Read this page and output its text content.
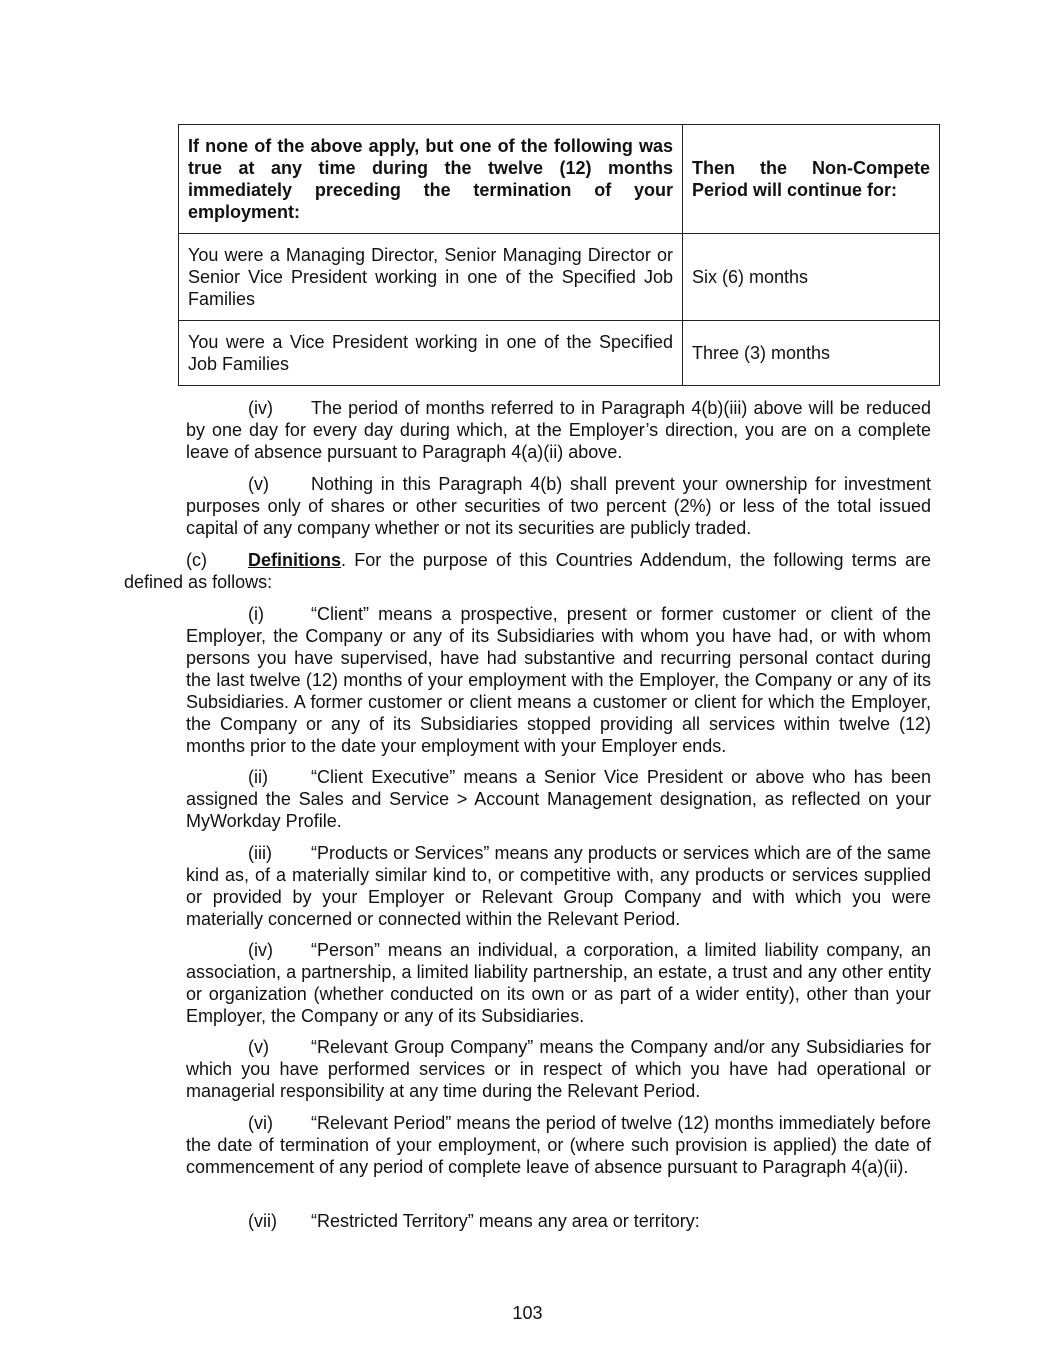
If none of the above apply, but one of the following was true at any time during the twelve (12) months immediately preceding the termination of your employment:	Then the Non-Compete Period will continue for:
You were a Managing Director, Senior Managing Director or Senior Vice President working in one of the Specified Job Families	Six (6) months
You were a Vice President working in one of the Specified Job Families	Three (3) months

(iv) The period of months referred to in Paragraph 4(b)(iii) above will be reduced by one day for every day during which, at the Employer’s direction, you are on a complete leave of absence pursuant to Paragraph 4(a)(ii) above.

(v) Nothing in this Paragraph 4(b) shall prevent your ownership for investment purposes only of shares or other securities of two percent (2%) or less of the total issued capital of any company whether or not its securities are publicly traded.

(c) Definitions. For the purpose of this Countries Addendum, the following terms are defined as follows:

(i)	“Client” means a prospective, present or former customer or client of the Employer, the Company or any of its Subsidiaries with whom you have had, or with whom persons you have supervised, have had substantive and recurring personal contact during the last twelve (12) months of your employment with the Employer, the Company or any of its Subsidiaries. A former customer or client means a customer or client for which the Employer, the Company or any of its Subsidiaries stopped providing all services within twelve (12) months prior to the date your employment with your Employer ends.

(ii) “Client Executive” means a Senior Vice President or above who has been assigned the Sales and Service > Account Management designation, as reflected on your MyWorkday Profile.

(iii) “Products or Services” means any products or services which are of the same kind as, of a materially similar kind to, or competitive with, any products or services supplied or provided by your Employer or Relevant Group Company and with which you were materially concerned or connected within the Relevant Period.

(iv) “Person” means an individual, a corporation, a limited liability company, an association, a partnership, a limited liability partnership, an estate, a trust and any other entity or organization (whether conducted on its own or as part of a wider entity), other than your Employer, the Company or any of its Subsidiaries.

(v) “Relevant Group Company” means the Company and/or any Subsidiaries for which you have performed services or in respect of which you have had operational or managerial responsibility at any time during the Relevant Period.

(vi) “Relevant Period” means the period of twelve (12) months immediately before the date of termination of your employment, or (where such provision is applied) the date of commencement of any period of complete leave of absence pursuant to Paragraph 4(a)(ii).

(vii) “Restricted Territory” means any area or territory:

103
